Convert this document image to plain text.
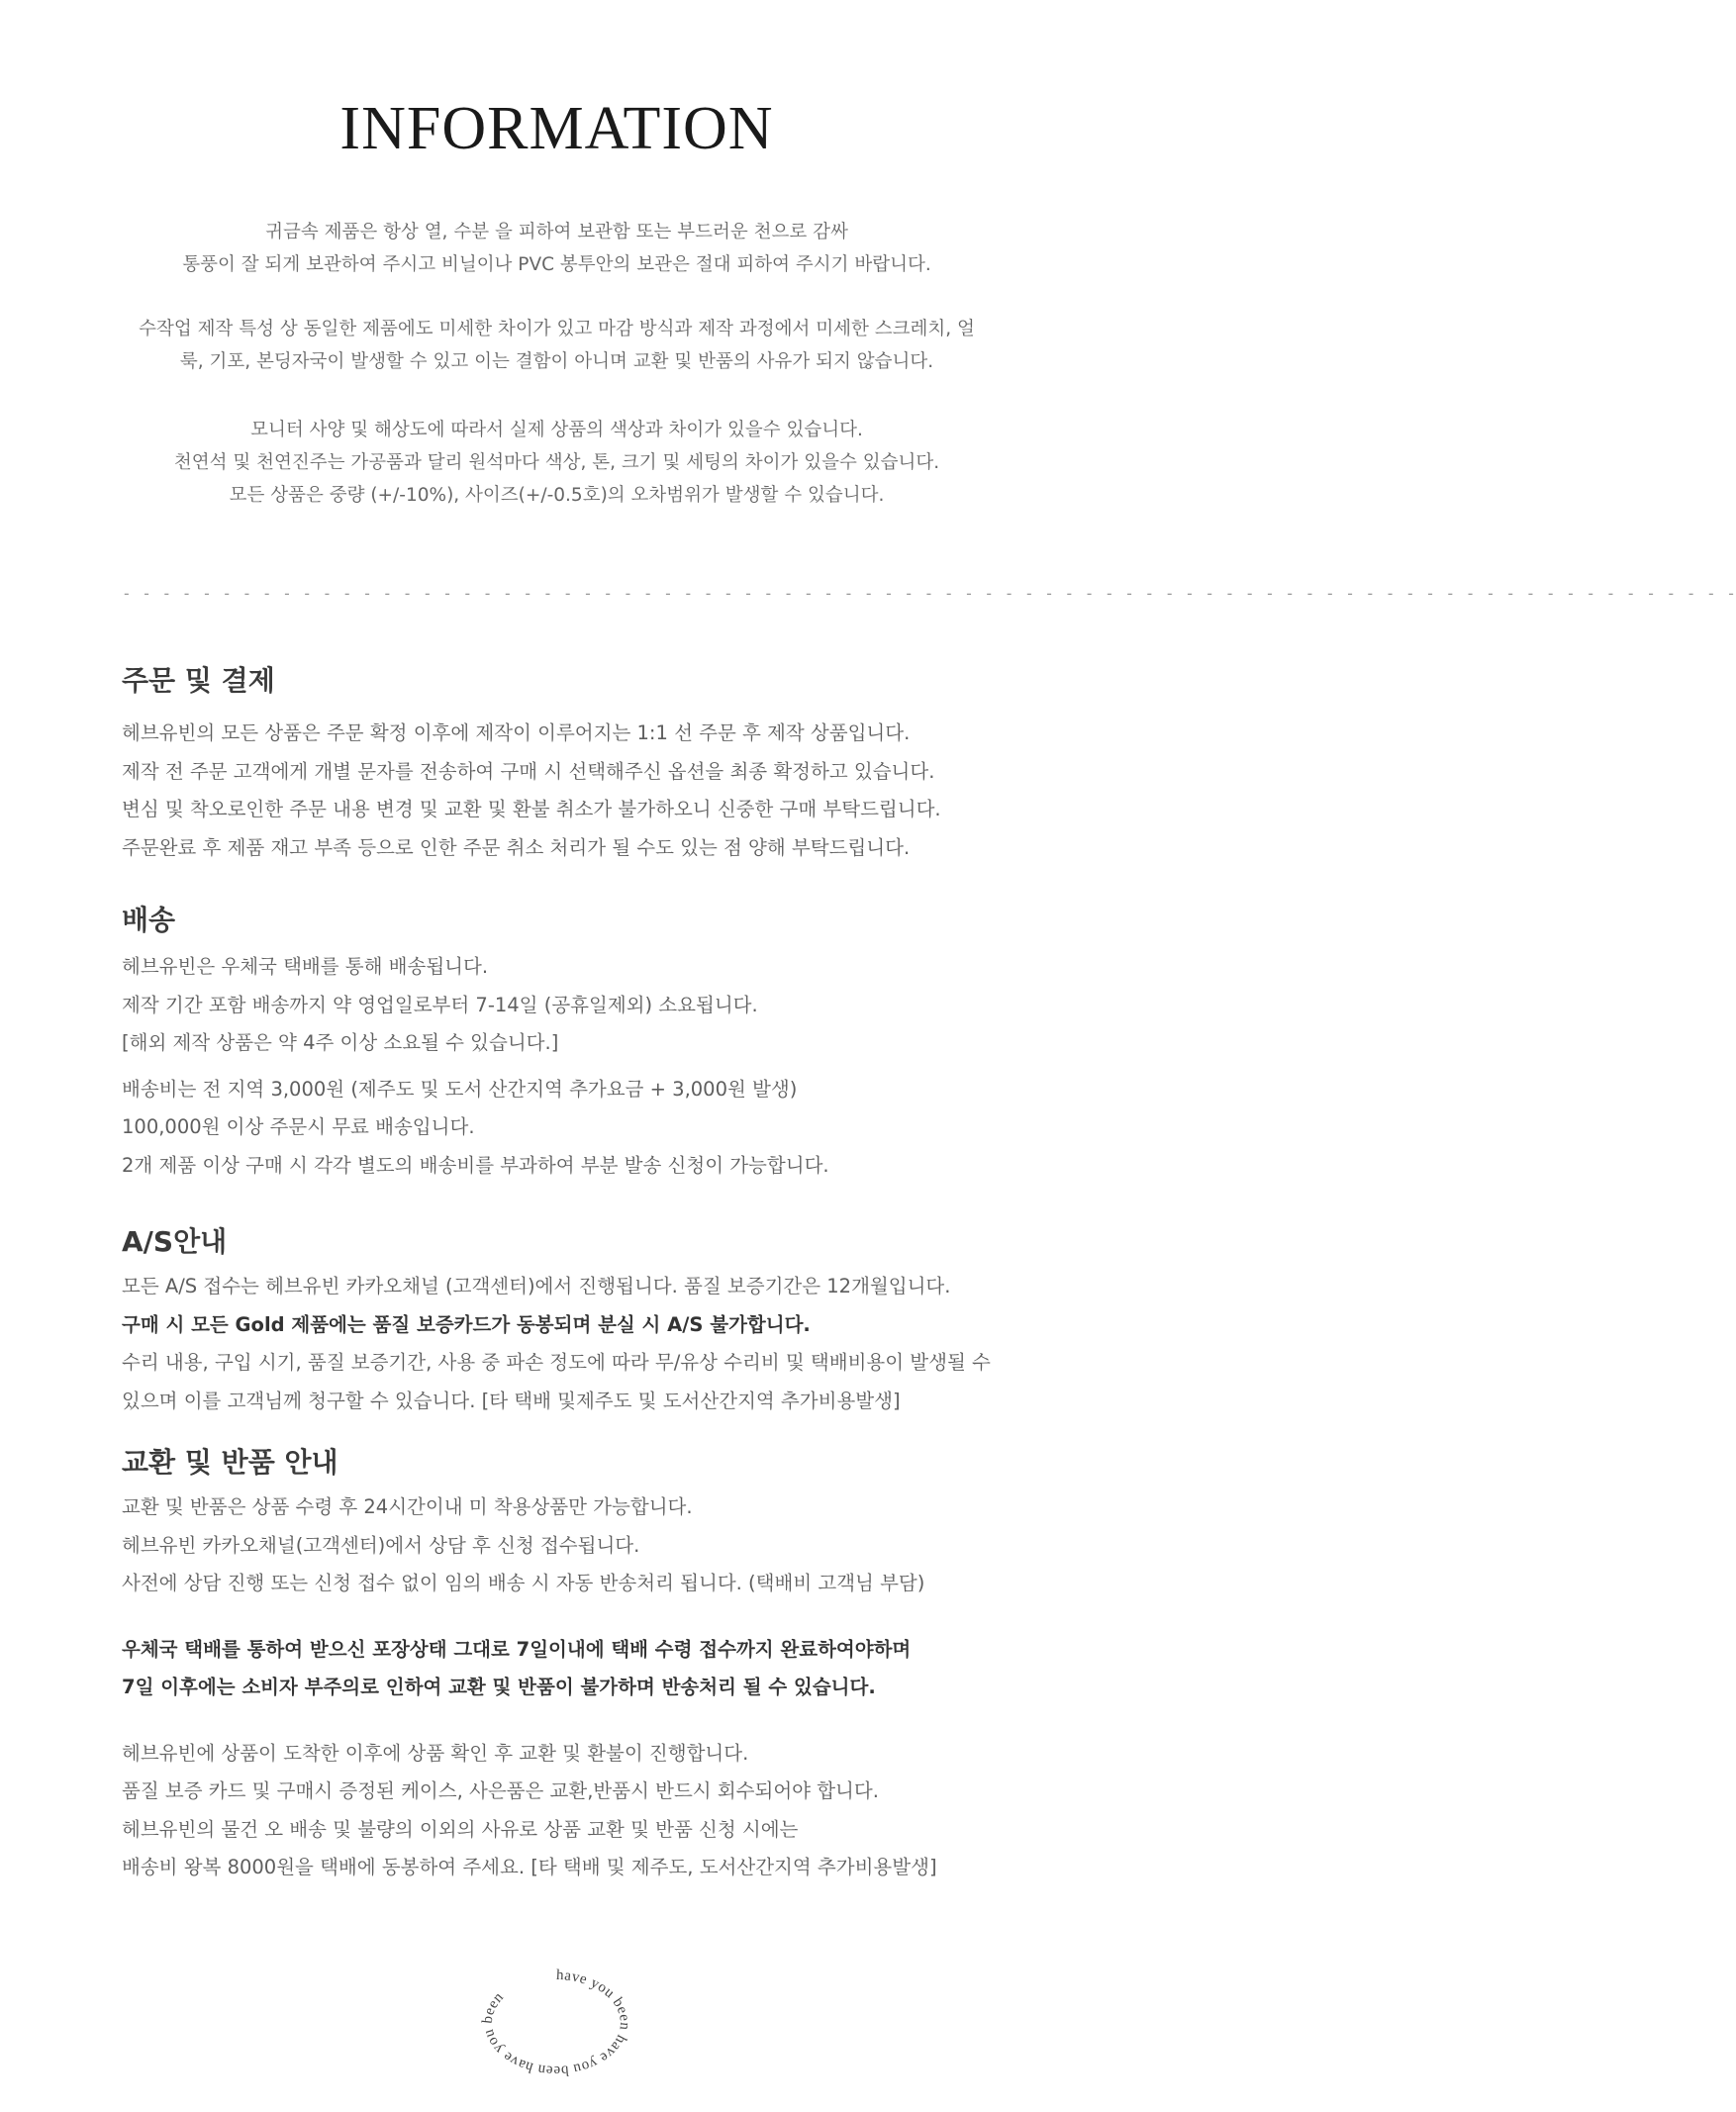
INFORMATION

귀금속 제품은 항상 열, 수분 을 피하여 보관함 또는 부드러운 천으로 감싸

통풍이 잘 되게 보관하여 주시고 비닐이나 PVC 봉투안의 보관은 절대 피하여 주시기 바랍니다.

수작업 제작 특성 상 동일한 제품에도 미세한 차이가 있고 마감 방식과 제작 과정에서 미세한 스크레치, 얼

룩, 기포, 본딩자국이 발생할 수 있고 이는 결함이 아니며 교환 및 반품의 사유가 되지 않습니다.

모니터 사양 및 해상도에 따라서 실제 상품의 색상과 차이가 있을수 있습니다.

천연석 및 천연진주는 가공품과 달리 원석마다 색상, 톤, 크기 및 세팅의 차이가 있을수 있습니다.

모든 상품은 중량 (+/-10%), 사이즈(+/-0.5호)의 오차범위가 발생할 수 있습니다.

- - - - - - - - - - - - - - - - - - - - - - - - - - - - - - - - - - - - - - - - - - - - - - - - - - - - - - - - - - - - - - - - - - - - - - - - - - - - - - - - -
주문 및 결제

헤브유빈의 모든 상품은 주문 확정 이후에 제작이 이루어지는 1:1 선 주문 후 제작 상품입니다.

제작 전 주문 고객에게 개별 문자를 전송하여 구매 시 선택해주신 옵션을 최종 확정하고 있습니다.

변심 및 착오로인한 주문 내용 변경 및 교환 및 환불 취소가 불가하오니 신중한 구매 부탁드립니다.

주문완료 후 제품 재고 부족 등으로 인한 주문 취소 처리가 될 수도 있는 점 양해 부탁드립니다.

배송

헤브유빈은 우체국 택배를 통해 배송됩니다.

제작 기간 포함 배송까지 약 영업일로부터 7-14일 (공휴일제외) 소요됩니다.

[해외 제작 상품은 약 4주 이상 소요될 수 있습니다.]

배송비는 전 지역 3,000원 (제주도 및 도서 산간지역 추가요금 + 3,000원 발생)

100,000원 이상 주문시 무료 배송입니다.

2개 제품 이상 구매 시 각각 별도의 배송비를 부과하여 부분 발송 신청이 가능합니다.

A/S안내

모든 A/S 접수는 헤브유빈 카카오채널 (고객센터)에서 진행됩니다. 품질 보증기간은 12개월입니다.

구매 시 모든 Gold 제품에는 품질 보증카드가 동봉되며 분실 시 A/S 불가합니다.

수리 내용, 구입 시기, 품질 보증기간, 사용 중 파손 정도에 따라 무/유상 수리비 및 택배비용이 발생될 수

있으며 이를 고객님께 청구할 수 있습니다. [타 택배 및제주도 및 도서산간지역 추가비용발생]

교환 및 반품 안내

교환 및 반품은 상품 수령 후 24시간이내 미 착용상품만 가능합니다.

헤브유빈 카카오채널(고객센터)에서 상담 후 신청 접수됩니다.

사전에 상담 진행 또는 신청 접수 없이 임의 배송 시 자동 반송처리 됩니다. (택배비 고객님 부담)

우체국 택배를 통하여 받으신 포장상태 그대로 7일이내에 택배 수령 접수까지 완료하여야하며

7일 이후에는 소비자 부주의로 인하여 교환 및 반품이 불가하며 반송처리 될 수 있습니다.

헤브유빈에 상품이 도착한 이후에 상품 확인 후 교환 및 환불이 진행합니다.

품질 보증 카드 및 구매시 증정된 케이스, 사은품은 교환,반품시 반드시 회수되어야 합니다.

헤브유빈의 물건 오 배송 및 불량의 이외의 사유로 상품 교환 및 반품 신청 시에는

배송비 왕복 8000원을 택배에 동봉하여 주세요. [타 택배 및 제주도, 도서산간지역 추가비용발생]

have you been have you been have you been
